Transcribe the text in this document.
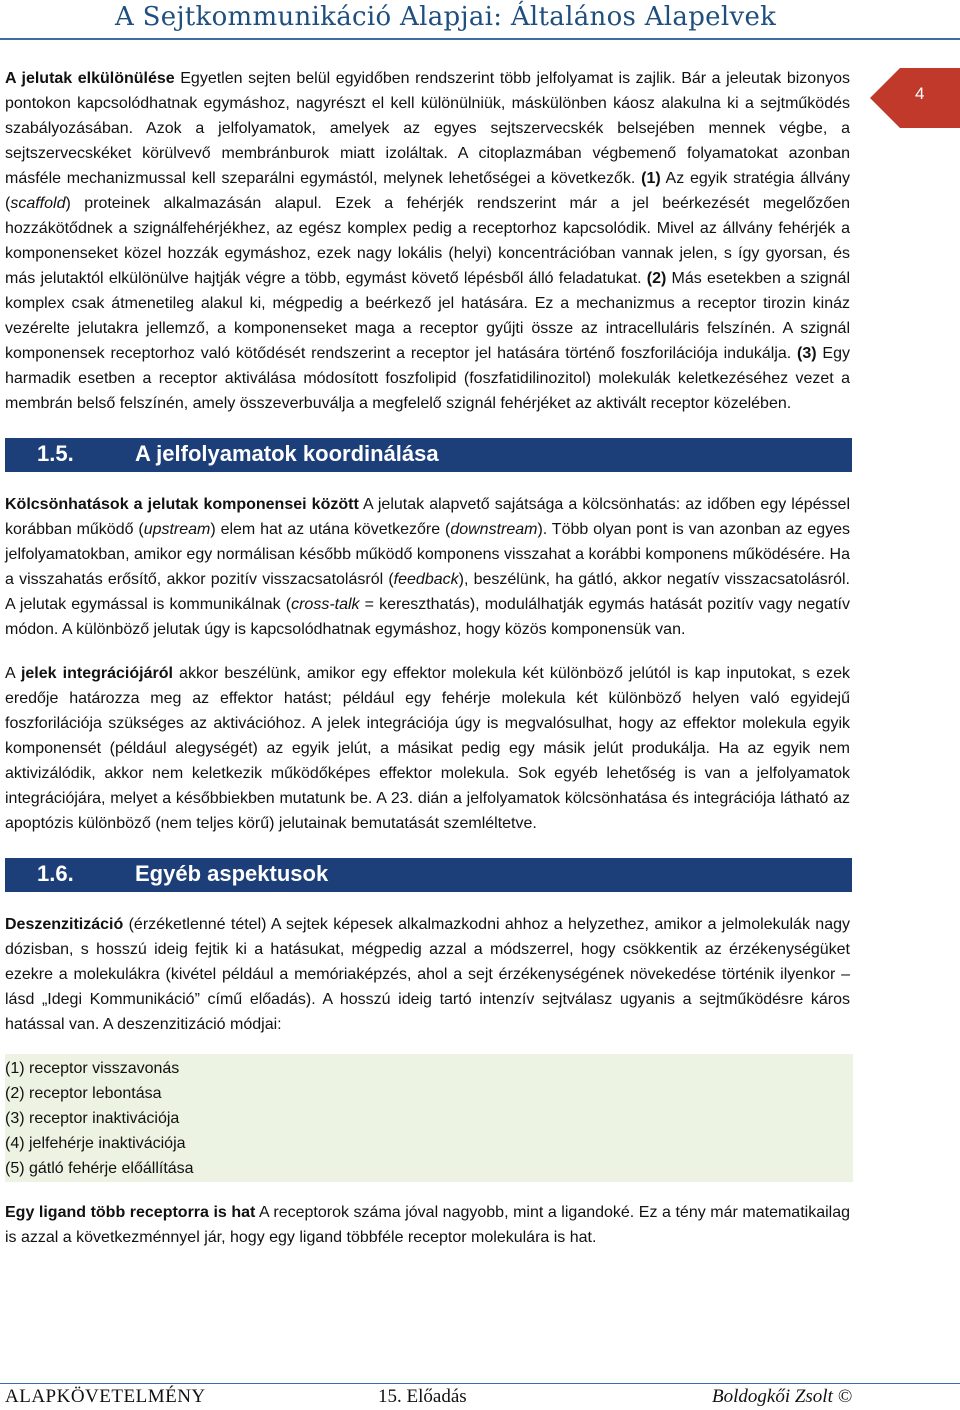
A Sejtkommunikáció Alapjai: Általános Alapelvek
4

A jelutak elkülönülése Egyetlen sejten belül egyidőben rendszerint több jelfolyamat is zajlik. Bár a jeleutak bizonyos pontokon kapcsolódhatnak egymáshoz, nagyrészt el kell különülniük, máskülönben káosz alakulna ki a sejtműködés szabályozásában. Azok a jelfolyamatok, amelyek az egyes sejtszervecskék belsejében mennek végbe, a sejtszervecskéket körülvevő membránburok miatt izoláltak. A citoplazmában végbemenő folyamatokat azonban másféle mechanizmussal kell szeparálni egymástól, melynek lehetőségei a következők. (1) Az egyik stratégia állvány (scaffold) proteinek alkalmazásán alapul. Ezek a fehérjék rendszerint már a jel beérkezését megelőzően hozzákötődnek a szignálfehérjékhez, az egész komplex pedig a receptorhoz kapcsolódik. Mivel az állvány fehérjék a komponenseket közel hozzák egymáshoz, ezek nagy lokális (helyi) koncentrációban vannak jelen, s így gyorsan, és más jelutaktól elkülönülve hajtják végre a több, egymást követő lépésből álló feladatukat. (2) Más esetekben a szignál komplex csak átmenetileg alakul ki, mégpedig a beérkező jel hatására. Ez a mechanizmus a receptor tirozin kináz vezérelte jelutakra jellemző, a komponenseket maga a receptor gyűjti össze az intracelluláris felszínén. A szignál komponensek receptorhoz való kötődését rendszerint a receptor jel hatására történő foszforilációja indukálja. (3) Egy harmadik esetben a receptor aktiválása módosított foszfolipid (foszfatidilinozitol) molekulák keletkezéséhez vezet a membrán belső felszínén, amely összeverbuválja a megfelelő szignál fehérjéket az aktivált receptor közelében.

1.5.	A jelfolyamatok koordinálása

Kölcsönhatások a jelutak komponensei között A jelutak alapvető sajátsága a kölcsönhatás: az időben egy lépéssel korábban működő (upstream) elem hat az utána következőre (downstream). Több olyan pont is van azonban az egyes jelfolyamatokban, amikor egy normálisan később működő komponens visszahat a korábbi komponens működésére. Ha a visszahatás erősítő, akkor pozitív visszacsatolásról (feedback), beszélünk, ha gátló, akkor negatív visszacsatolásról. A jelutak egymással is kommunikálnak (cross-talk = kereszthatás), modulálhatják egymás hatását pozitív vagy negatív módon. A különböző jelutak úgy is kapcsolódhatnak egymáshoz, hogy közös komponensük van.

A jelek integrációjáról akkor beszélünk, amikor egy effektor molekula két különböző jelútól is kap inputokat, s ezek eredője határozza meg az effektor hatást; például egy fehérje molekula két különböző helyen való egyidejű foszforilációja szükséges az aktivációhoz. A jelek integrációja úgy is megvalósulhat, hogy az effektor molekula egyik komponensét (például alegységét) az egyik jelút, a másikat pedig egy másik jelút produkálja. Ha az egyik nem aktivizálódik, akkor nem keletkezik működőképes effektor molekula. Sok egyéb lehetőség is van a jelfolyamatok integrációjára, melyet a későbbiekben mutatunk be. A 23. dián a jelfolyamatok kölcsönhatása és integrációja látható az apoptózis különböző (nem teljes körű) jelutainak bemutatását szemléltetve.

1.6.	Egyéb aspektusok

Deszenzitizáció (érzéketlenné tétel) A sejtek képesek alkalmazkodni ahhoz a helyzethez, amikor a jelmolekulák nagy dózisban, s hosszú ideig fejtik ki a hatásukat, mégpedig azzal a módszerrel, hogy csökkentik az érzékenységüket ezekre a molekulákra (kivétel például a memóriaképzés, ahol a sejt érzékenységének növekedése történik ilyenkor – lásd „Idegi Kommunikáció” című előadás). A hosszú ideig tartó intenzív sejtválasz ugyanis a sejtműködésre káros hatással van. A deszenzitizáció módjai:

(1) receptor visszavonás
(2) receptor lebontása
(3) receptor inaktivációja
(4) jelfehérje inaktivációja
(5) gátló fehérje előállítása

Egy ligand több receptorra is hat A receptorok száma jóval nagyobb, mint a ligandoké. Ez a tény már matematikailag is azzal a következménnyel jár, hogy egy ligand többféle receptor molekulára is hat.

ALAPKÖVETELMÉNY	15. Előadás	Boldogkői Zsolt ©
